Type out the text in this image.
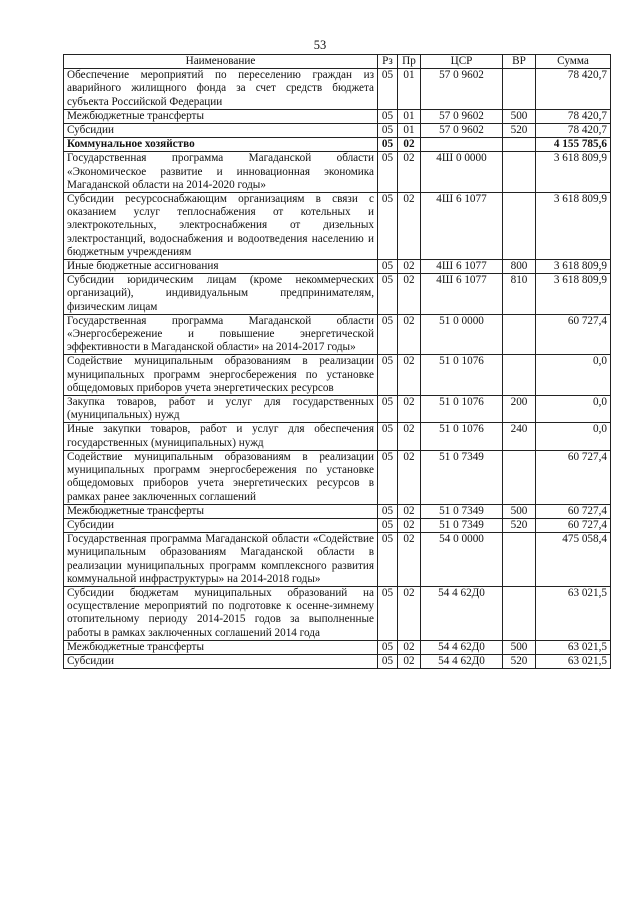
53
Наименование	Рз	Пр	ЦСР	ВР	Сумма
Обеспечение мероприятий по переселению граждан из аварийного жилищного фонда за счет средств бюджета субъекта Российской Федерации	05	01	57 0 9602		78 420,7
Межбюджетные трансферты	05	01	57 0 9602	500	78 420,7
Субсидии	05	01	57 0 9602	520	78 420,7
Коммунальное хозяйство	05	02			4 155 785,6
Государственная программа Магаданской области «Экономическое развитие и инновационная экономика Магаданской области на 2014-2020 годы»	05	02	4Ш 0 0000		3 618 809,9
Субсидии ресурсоснабжающим организациям в связи с оказанием услуг теплоснабжения от котельных и электрокотельных, электроснабжения от дизельных электростанций, водоснабжения и водоотведения населению и бюджетным учреждениям	05	02	4Ш 6 1077		3 618 809,9
Иные бюджетные ассигнования	05	02	4Ш 6 1077	800	3 618 809,9
Субсидии юридическим лицам (кроме некоммерческих организаций), индивидуальным предпринимателям, физическим лицам	05	02	4Ш 6 1077	810	3 618 809,9
Государственная программа Магаданской области «Энергосбережение и повышение энергетической эффективности в Магаданской области» на 2014-2017 годы»	05	02	51 0 0000		60 727,4
Содействие муниципальным образованиям в реализации муниципальных программ энергосбережения по установке общедомовых приборов учета энергетических ресурсов	05	02	51 0 1076		0,0
Закупка товаров, работ и услуг для государственных (муниципальных) нужд	05	02	51 0 1076	200	0,0
Иные закупки товаров, работ и услуг для обеспечения государственных (муниципальных) нужд	05	02	51 0 1076	240	0,0
Содействие муниципальным образованиям в реализации муниципальных программ энергосбережения по установке общедомовых приборов учета энергетических ресурсов в рамках ранее заключенных соглашений	05	02	51 0 7349		60 727,4
Межбюджетные трансферты	05	02	51 0 7349	500	60 727,4
Субсидии	05	02	51 0 7349	520	60 727,4
Государственная программа Магаданской области «Содействие муниципальным образованиям Магаданской области в реализации муниципальных программ комплексного развития коммунальной инфраструктуры» на 2014-2018 годы»	05	02	54 0 0000		475 058,4
Субсидии бюджетам муниципальных образований на осуществление мероприятий по подготовке к осенне-зимнему отопительному периоду 2014-2015 годов за выполненные работы в рамках заключенных соглашений 2014 года	05	02	54 4 62Д0		63 021,5
Межбюджетные трансферты	05	02	54 4 62Д0	500	63 021,5
Субсидии	05	02	54 4 62Д0	520	63 021,5
